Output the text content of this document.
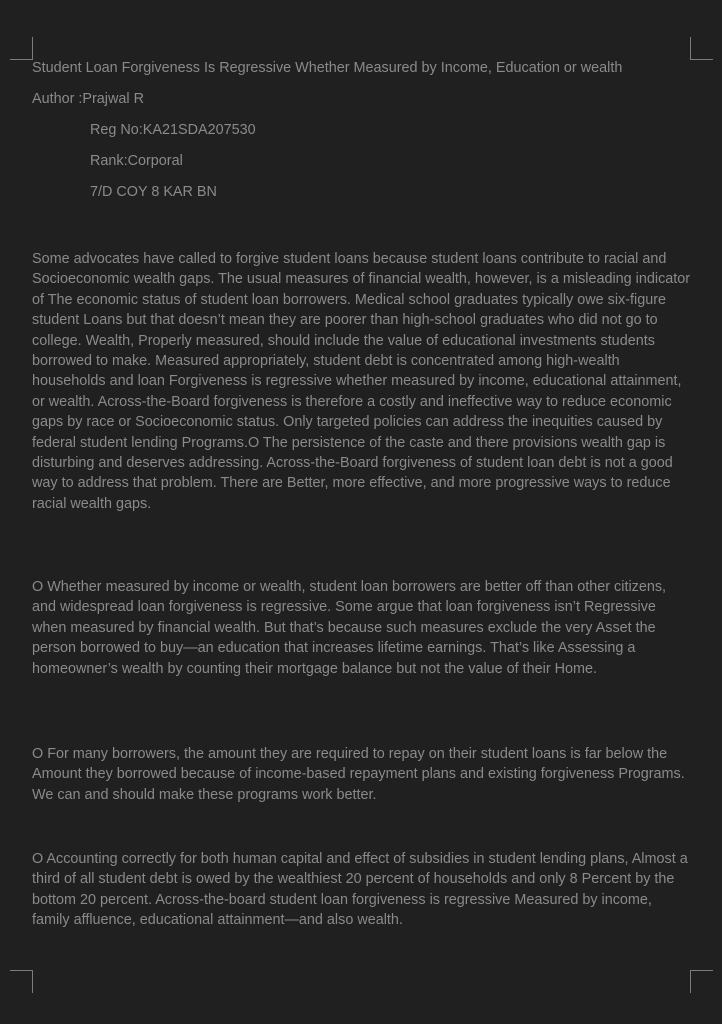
Student Loan Forgiveness Is Regressive Whether Measured by Income, Education or wealth
Author :Prajwal R
Reg No:KA21SDA207530
Rank:Corporal
7/D COY 8 KAR BN

Some advocates have called to forgive student loans because student loans contribute to racial and Socioeconomic wealth gaps. The usual measures of financial wealth, however, is a misleading indicator of The economic status of student loan borrowers. Medical school graduates typically owe six-figure student Loans but that doesn’t mean they are poorer than high-school graduates who did not go to college. Wealth, Properly measured, should include the value of educational investments students borrowed to make. Measured appropriately, student debt is concentrated among high-wealth households and loan Forgiveness is regressive whether measured by income, educational attainment, or wealth. Across-the-Board forgiveness is therefore a costly and ineffective way to reduce economic gaps by race or Socioeconomic status. Only targeted policies can address the inequities caused by federal student lending Programs.O The persistence of the caste and there provisions wealth gap is disturbing and deserves addressing. Across-the-Board forgiveness of student loan debt is not a good way to address that problem. There are Better, more effective, and more progressive ways to reduce racial wealth gaps.

O Whether measured by income or wealth, student loan borrowers are better off than other citizens, and widespread loan forgiveness is regressive. Some argue that loan forgiveness isn’t Regressive when measured by financial wealth. But that’s because such measures exclude the very Asset the person borrowed to buy—an education that increases lifetime earnings. That’s like Assessing a homeowner’s wealth by counting their mortgage balance but not the value of their Home.

O For many borrowers, the amount they are required to repay on their student loans is far below the Amount they borrowed because of income-based repayment plans and existing forgiveness Programs. We can and should make these programs work better.

O Accounting correctly for both human capital and effect of subsidies in student lending plans, Almost a third of all student debt is owed by the wealthiest 20 percent of households and only 8 Percent by the bottom 20 percent. Across-the-board student loan forgiveness is regressive Measured by income, family affluence, educational attainment—and also wealth.
